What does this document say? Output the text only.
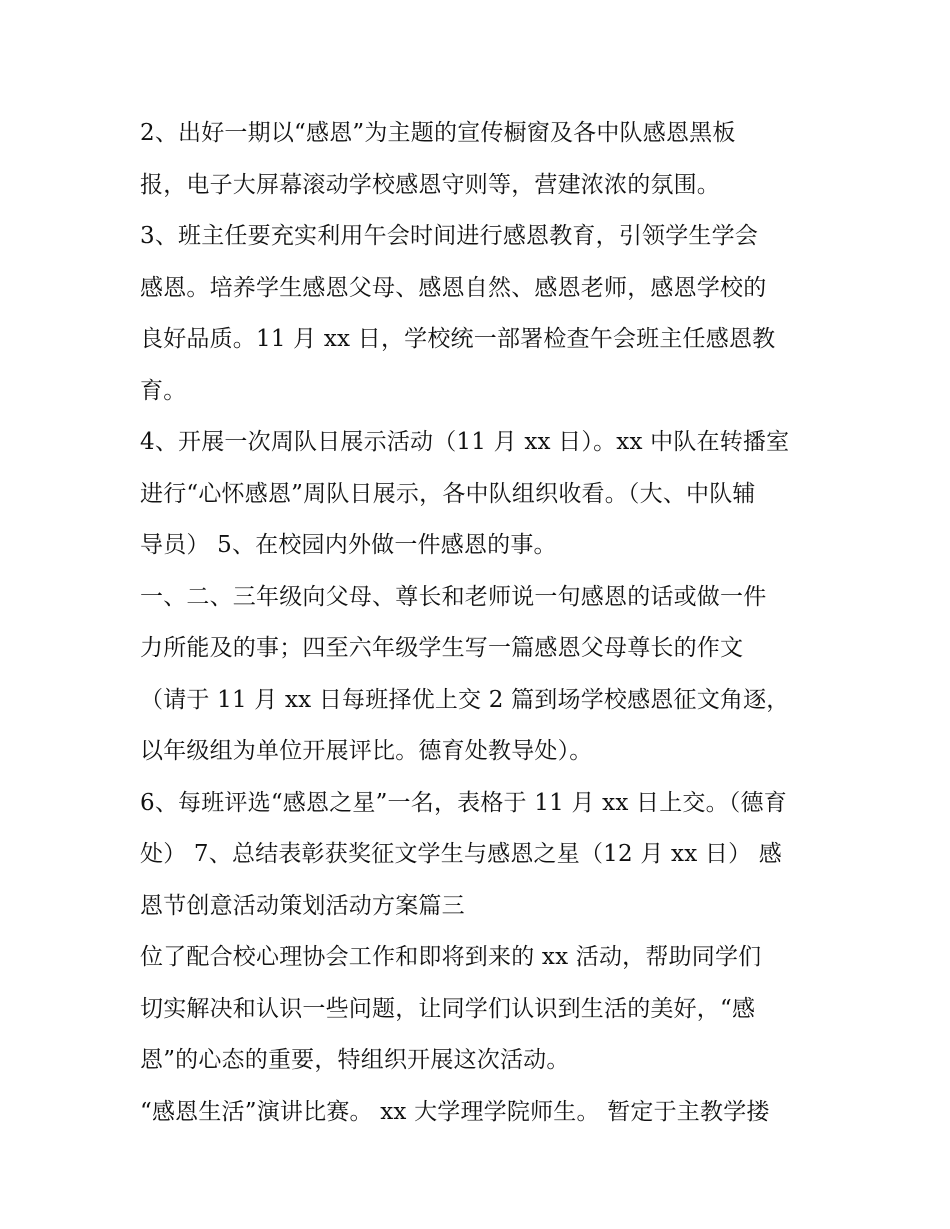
2、出好一期以“感恩”为主题的宣传橱窗及各中队感恩黑板
报，电子大屏幕滚动学校感恩守则等，营建浓浓的氛围。
3、班主任要充实利用午会时间进行感恩教育，引领学生学会
感恩。培养学生感恩父母、感恩自然、感恩老师，感恩学校的
良好品质。11 月 xx 日，学校统一部署检查午会班主任感恩教
育。
4、开展一次周队日展示活动（11 月 xx 日）。xx 中队在转播室
进行“心怀感恩”周队日展示，各中队组织收看。（大、中队辅
导员） 5、在校园内外做一件感恩的事。
一、二、三年级向父母、尊长和老师说一句感恩的话或做一件
力所能及的事；四至六年级学生写一篇感恩父母尊长的作文
（请于 11 月 xx 日每班择优上交 2 篇到场学校感恩征文角逐，
以年级组为单位开展评比。德育处教导处）。
6、每班评选“感恩之星”一名，表格于 11 月 xx 日上交。（德育
处） 7、总结表彰获奖征文学生与感恩之星（12 月 xx 日） 感
恩节创意活动策划活动方案篇三
位了配合校心理协会工作和即将到来的 xx 活动，帮助同学们
切实解决和认识一些问题，让同学们认识到生活的美好，“感
恩”的心态的重要，特组织开展这次活动。
“感恩生活”演讲比赛。 xx 大学理学院师生。 暂定于主教学搂
